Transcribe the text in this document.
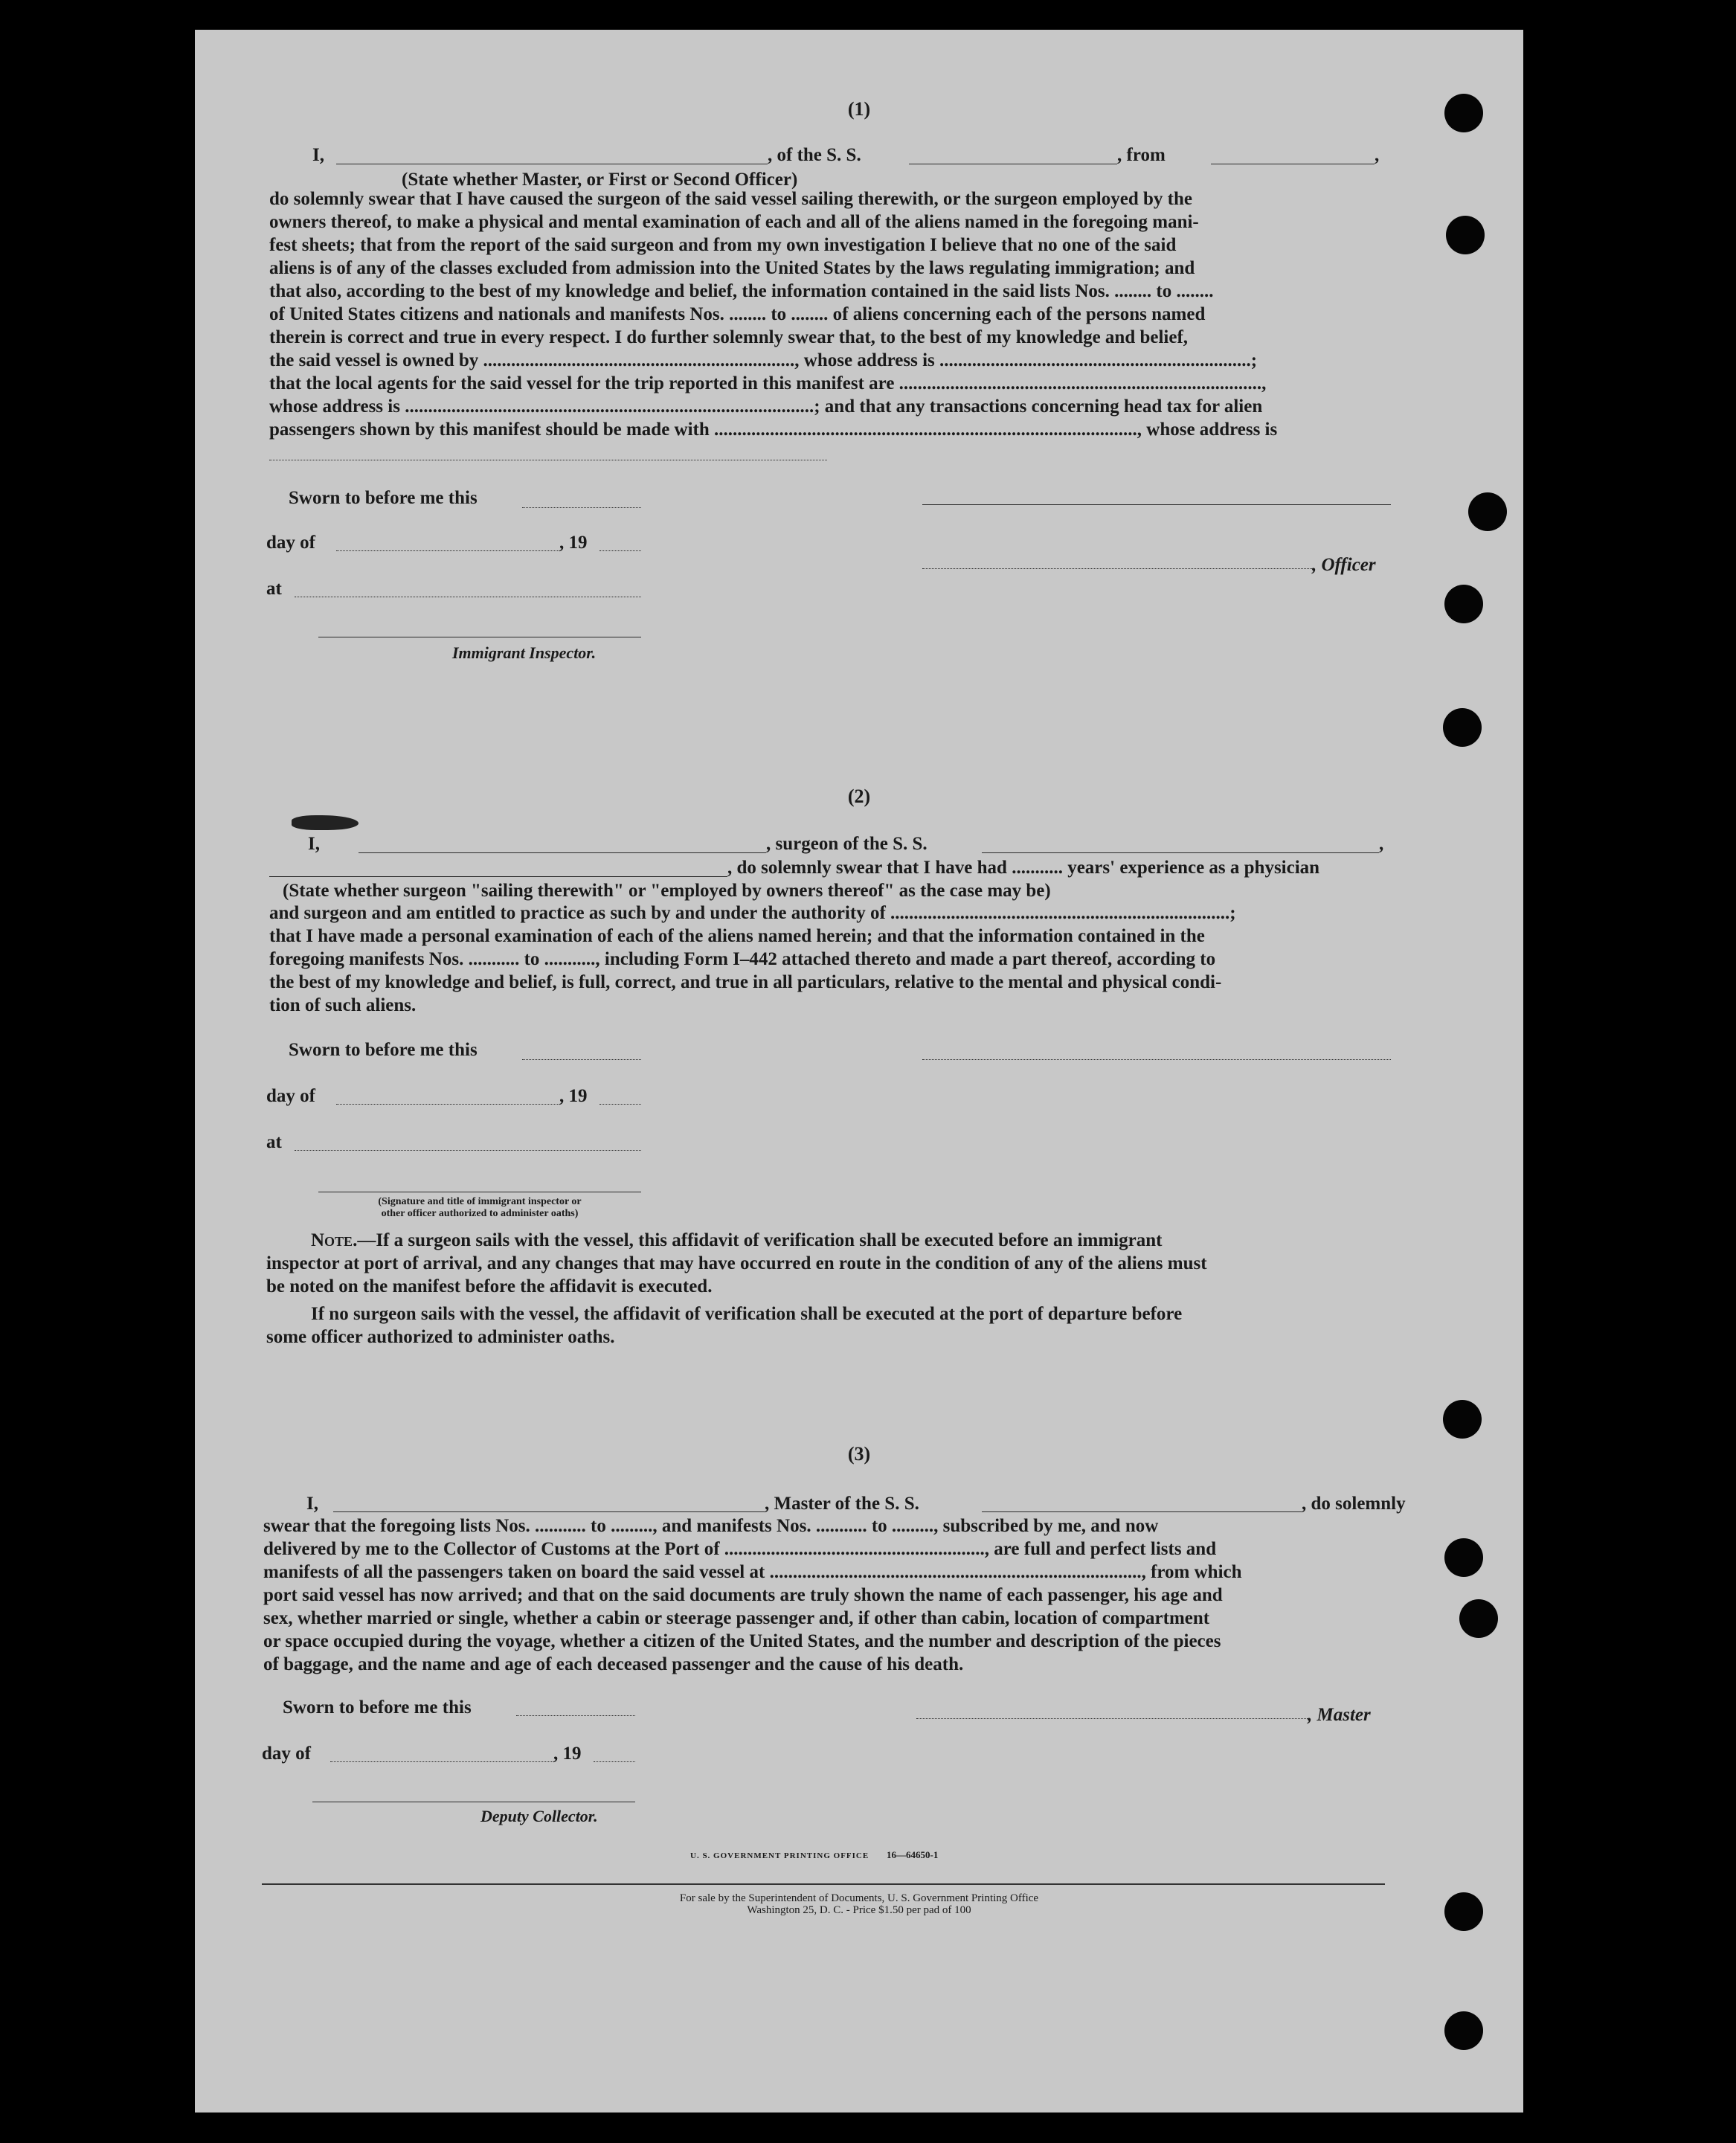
(1)
I,	, of the S. S.	, from	,
(State whether Master, or First or Second Officer)
do solemnly swear that I have caused the surgeon of the said vessel sailing therewith, or the surgeon employed by the
owners thereof, to make a physical and mental examination of each and all of the aliens named in the foregoing mani-
fest sheets; that from the report of the said surgeon and from my own investigation I believe that no one of the said
aliens is of any of the classes excluded from admission into the United States by the laws regulating immigration; and
that also, according to the best of my knowledge and belief, the information contained in the said lists Nos. ........ to ........
of United States citizens and nationals and manifests Nos. ........ to ........ of aliens concerning each of the persons named
therein is correct and true in every respect. I do further solemnly swear that, to the best of my knowledge and belief,
the said vessel is owned by ..................................................................., whose address is ...................................................................;
that the local agents for the said vessel for the trip reported in this manifest are ..............................................................................,
whose address is ........................................................................................; and that any transactions concerning head tax for alien
passengers shown by this manifest should be made with ..........................................................................................., whose address is
Sworn to before me this
day of	, 19
, Officer
at
Immigrant Inspector.
(2)
I,	, surgeon of the S. S.	,
, do solemnly swear that I have had ........... years' experience as a physician
(State whether surgeon "sailing therewith" or "employed by owners thereof" as the case may be)
and surgeon and am entitled to practice as such by and under the authority of .........................................................................;
that I have made a personal examination of each of the aliens named herein; and that the information contained in the
foregoing manifests Nos. ........... to ..........., including Form I–442 attached thereto and made a part thereof, according to
the best of my knowledge and belief, is full, correct, and true in all particulars, relative to the mental and physical condi-
tion of such aliens.
Sworn to before me this
day of	, 19
at
(Signature and title of immigrant inspector or
other officer authorized to administer oaths)
Note.—If a surgeon sails with the vessel, this affidavit of verification shall be executed before an immigrant
inspector at port of arrival, and any changes that may have occurred en route in the condition of any of the aliens must
be noted on the manifest before the affidavit is executed.
If no surgeon sails with the vessel, the affidavit of verification shall be executed at the port of departure before
some officer authorized to administer oaths.
(3)
I,	, Master of the S. S.	, do solemnly
swear that the foregoing lists Nos. ........... to ........., and manifests Nos. ........... to ........., subscribed by me, and now
delivered by me to the Collector of Customs at the Port of ........................................................, are full and perfect lists and
manifests of all the passengers taken on board the said vessel at ................................................................................, from which
port said vessel has now arrived; and that on the said documents are truly shown the name of each passenger, his age and
sex, whether married or single, whether a cabin or steerage passenger and, if other than cabin, location of compartment
or space occupied during the voyage, whether a citizen of the United States, and the number and description of the pieces
of baggage, and the name and age of each deceased passenger and the cause of his death.
Sworn to before me this	, Master
day of	, 19
Deputy Collector.
U. S. GOVERNMENT PRINTING OFFICE 16—64650-1
For sale by the Superintendent of Documents, U. S. Government Printing Office
Washington 25, D. C. - Price $1.50 per pad of 100
